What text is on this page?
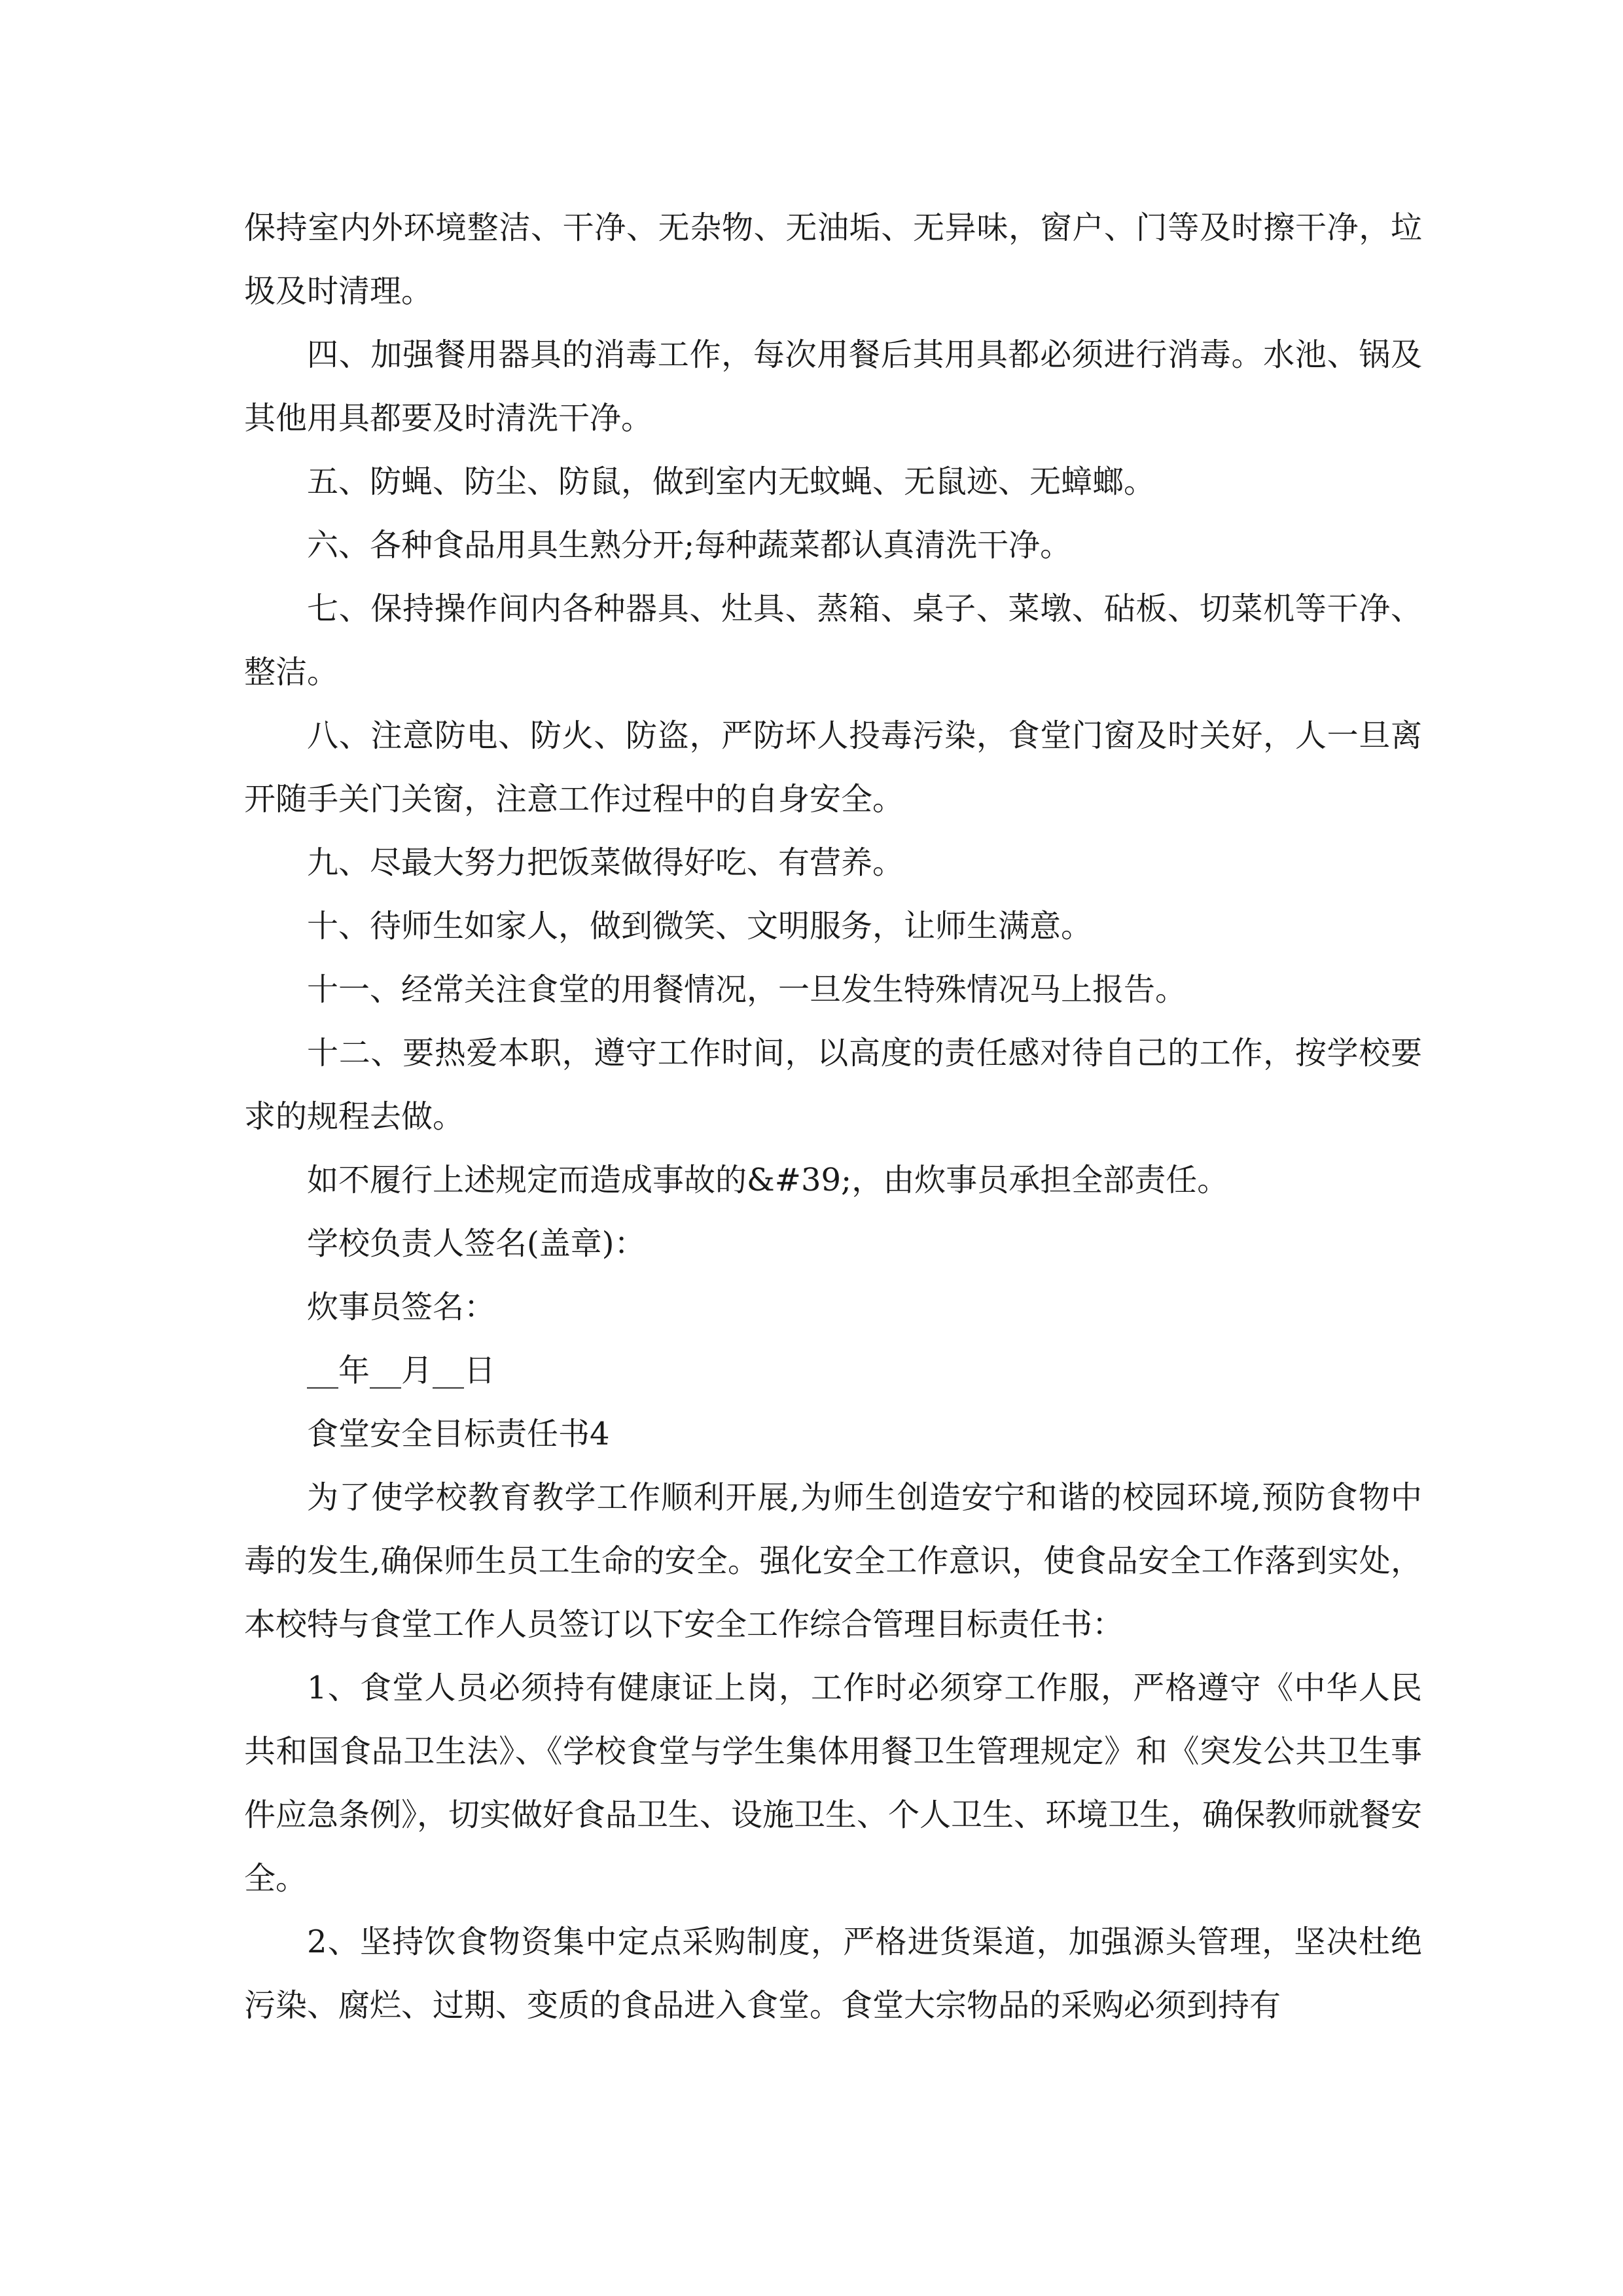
保持室内外环境整洁、干净、无杂物、无油垢、无异味，窗户、门等及时擦干净，垃圾及时清理。

四、加强餐用器具的消毒工作，每次用餐后其用具都必须进行消毒。水池、锅及其他用具都要及时清洗干净。

五、防蝇、防尘、防鼠，做到室内无蚊蝇、无鼠迹、无蟑螂。

六、各种食品用具生熟分开;每种蔬菜都认真清洗干净。

七、保持操作间内各种器具、灶具、蒸箱、桌子、菜墩、砧板、切菜机等干净、整洁。

八、注意防电、防火、防盗，严防坏人投毒污染，食堂门窗及时关好，人一旦离开随手关门关窗，注意工作过程中的自身安全。

九、尽最大努力把饭菜做得好吃、有营养。

十、待师生如家人，做到微笑、文明服务，让师生满意。

十一、经常关注食堂的用餐情况，一旦发生特殊情况马上报告。

十二、要热爱本职，遵守工作时间，以高度的责任感对待自己的工作，按学校要求的规程去做。

如不履行上述规定而造成事故的&#39;，由炊事员承担全部责任。

学校负责人签名(盖章)：

炊事员签名：

__年__月__日

食堂安全目标责任书4

为了使学校教育教学工作顺利开展,为师生创造安宁和谐的校园环境,预防食物中毒的发生,确保师生员工生命的安全。强化安全工作意识，使食品安全工作落到实处，本校特与食堂工作人员签订以下安全工作综合管理目标责任书：

1、食堂人员必须持有健康证上岗，工作时必须穿工作服，严格遵守《中华人民共和国食品卫生法》、《学校食堂与学生集体用餐卫生管理规定》和《突发公共卫生事件应急条例》，切实做好食品卫生、设施卫生、个人卫生、环境卫生，确保教师就餐安全。

2、坚持饮食物资集中定点采购制度，严格进货渠道，加强源头管理，坚决杜绝污染、腐烂、过期、变质的食品进入食堂。食堂大宗物品的采购必须到持有
